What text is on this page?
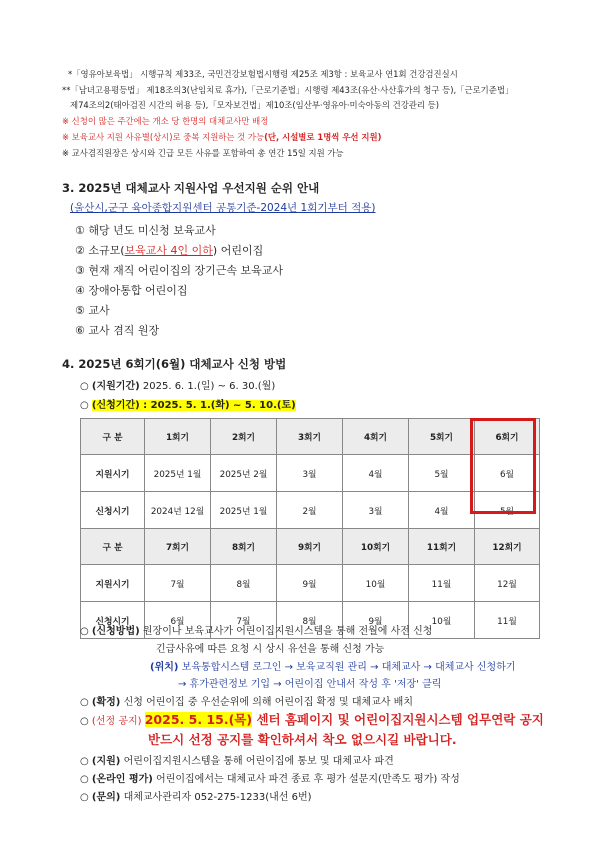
*「영유아보육법」 시행규칙 제33조, 국민건강보험법시행령 제25조 제3항 : 보육교사 연1회 건강검진실시
**「남녀고용평등법」 제18조의3(난임치료 휴가),「근로기준법」시행령 제43조(유산·사산휴가의 청구 등),「근로기준법」
제74조의2(태아검진 시간의 허용 등),「모자보건법」제10조(임산부·영유아·미숙아동의 건강관리 등)
※ 신청이 많은 주간에는 개소 당 한명의 대체교사만 배정
※ 보육교사 지원 사유별(상시)로 중복 지원하는 것 가능(단, 시설별로 1명씩 우선 지원)
※ 교사겸직원장은 상시와 긴급 모든 사유를 포함하여 총 연간 15일 지원 가능
3. 2025년 대체교사 지원사업 우선지원 순위 안내
(울산시,군구 육아종합지원센터 공통기준-2024년 1회기부터 적용)
① 해당 년도 미신청 보육교사
② 소규모(보육교사 4인 이하) 어린이집
③ 현재 재직 어린이집의 장기근속 보육교사
④ 장애아통합 어린이집
⑤ 교사
⑥ 교사 겸직 원장
4. 2025년 6회기(6월) 대체교사 신청 방법
○ (지원기간) 2025. 6. 1.(일) ~ 6. 30.(월)
○ (신청기간) : 2025. 5. 1.(화) ~ 5. 10.(토)
구 분	1회기	2회기	3회기	4회기	5회기	6회기
지원시기	2025년 1월	2025년 2월	3월	4월	5월	6월
신청시기	2024년 12월	2025년 1월	2월	3월	4월	5월
구 분	7회기	8회기	9회기	10회기	11회기	12회기
지원시기	7월	8월	9월	10월	11월	12월
신청시기	6월	7월	8월	9월	10월	11월
○ (신청방법) 원장이나 보육교사가 어린이집지원시스템을 통해 전월에 사전 신청
긴급사유에 따른 요청 시 상시 유선을 통해 신청 가능
(위치) 보육통합시스템 로그인 → 보육교직원 관리 → 대체교사 → 대체교사 신청하기
→ 휴가관련정보 기입 → 어린이집 안내서 작성 후 '저장' 클릭
○ (확정) 신청 어린이집 중 우선순위에 의해 어린이집 확정 및 대체교사 배치
○ (선정 공지) 2025. 5. 15.(목) 센터 홈페이지 및 어린이집지원시스템 업무연락 공지
반드시 선정 공지를 확인하셔서 착오 없으시길 바랍니다.
○ (지원) 어린이집지원시스템을 통해 어린이집에 통보 및 대체교사 파견
○ (온라인 평가) 어린이집에서는 대체교사 파견 종료 후 평가 설문지(만족도 평가) 작성
○ (문의) 대체교사관리자 052-275-1233(내선 6번)
